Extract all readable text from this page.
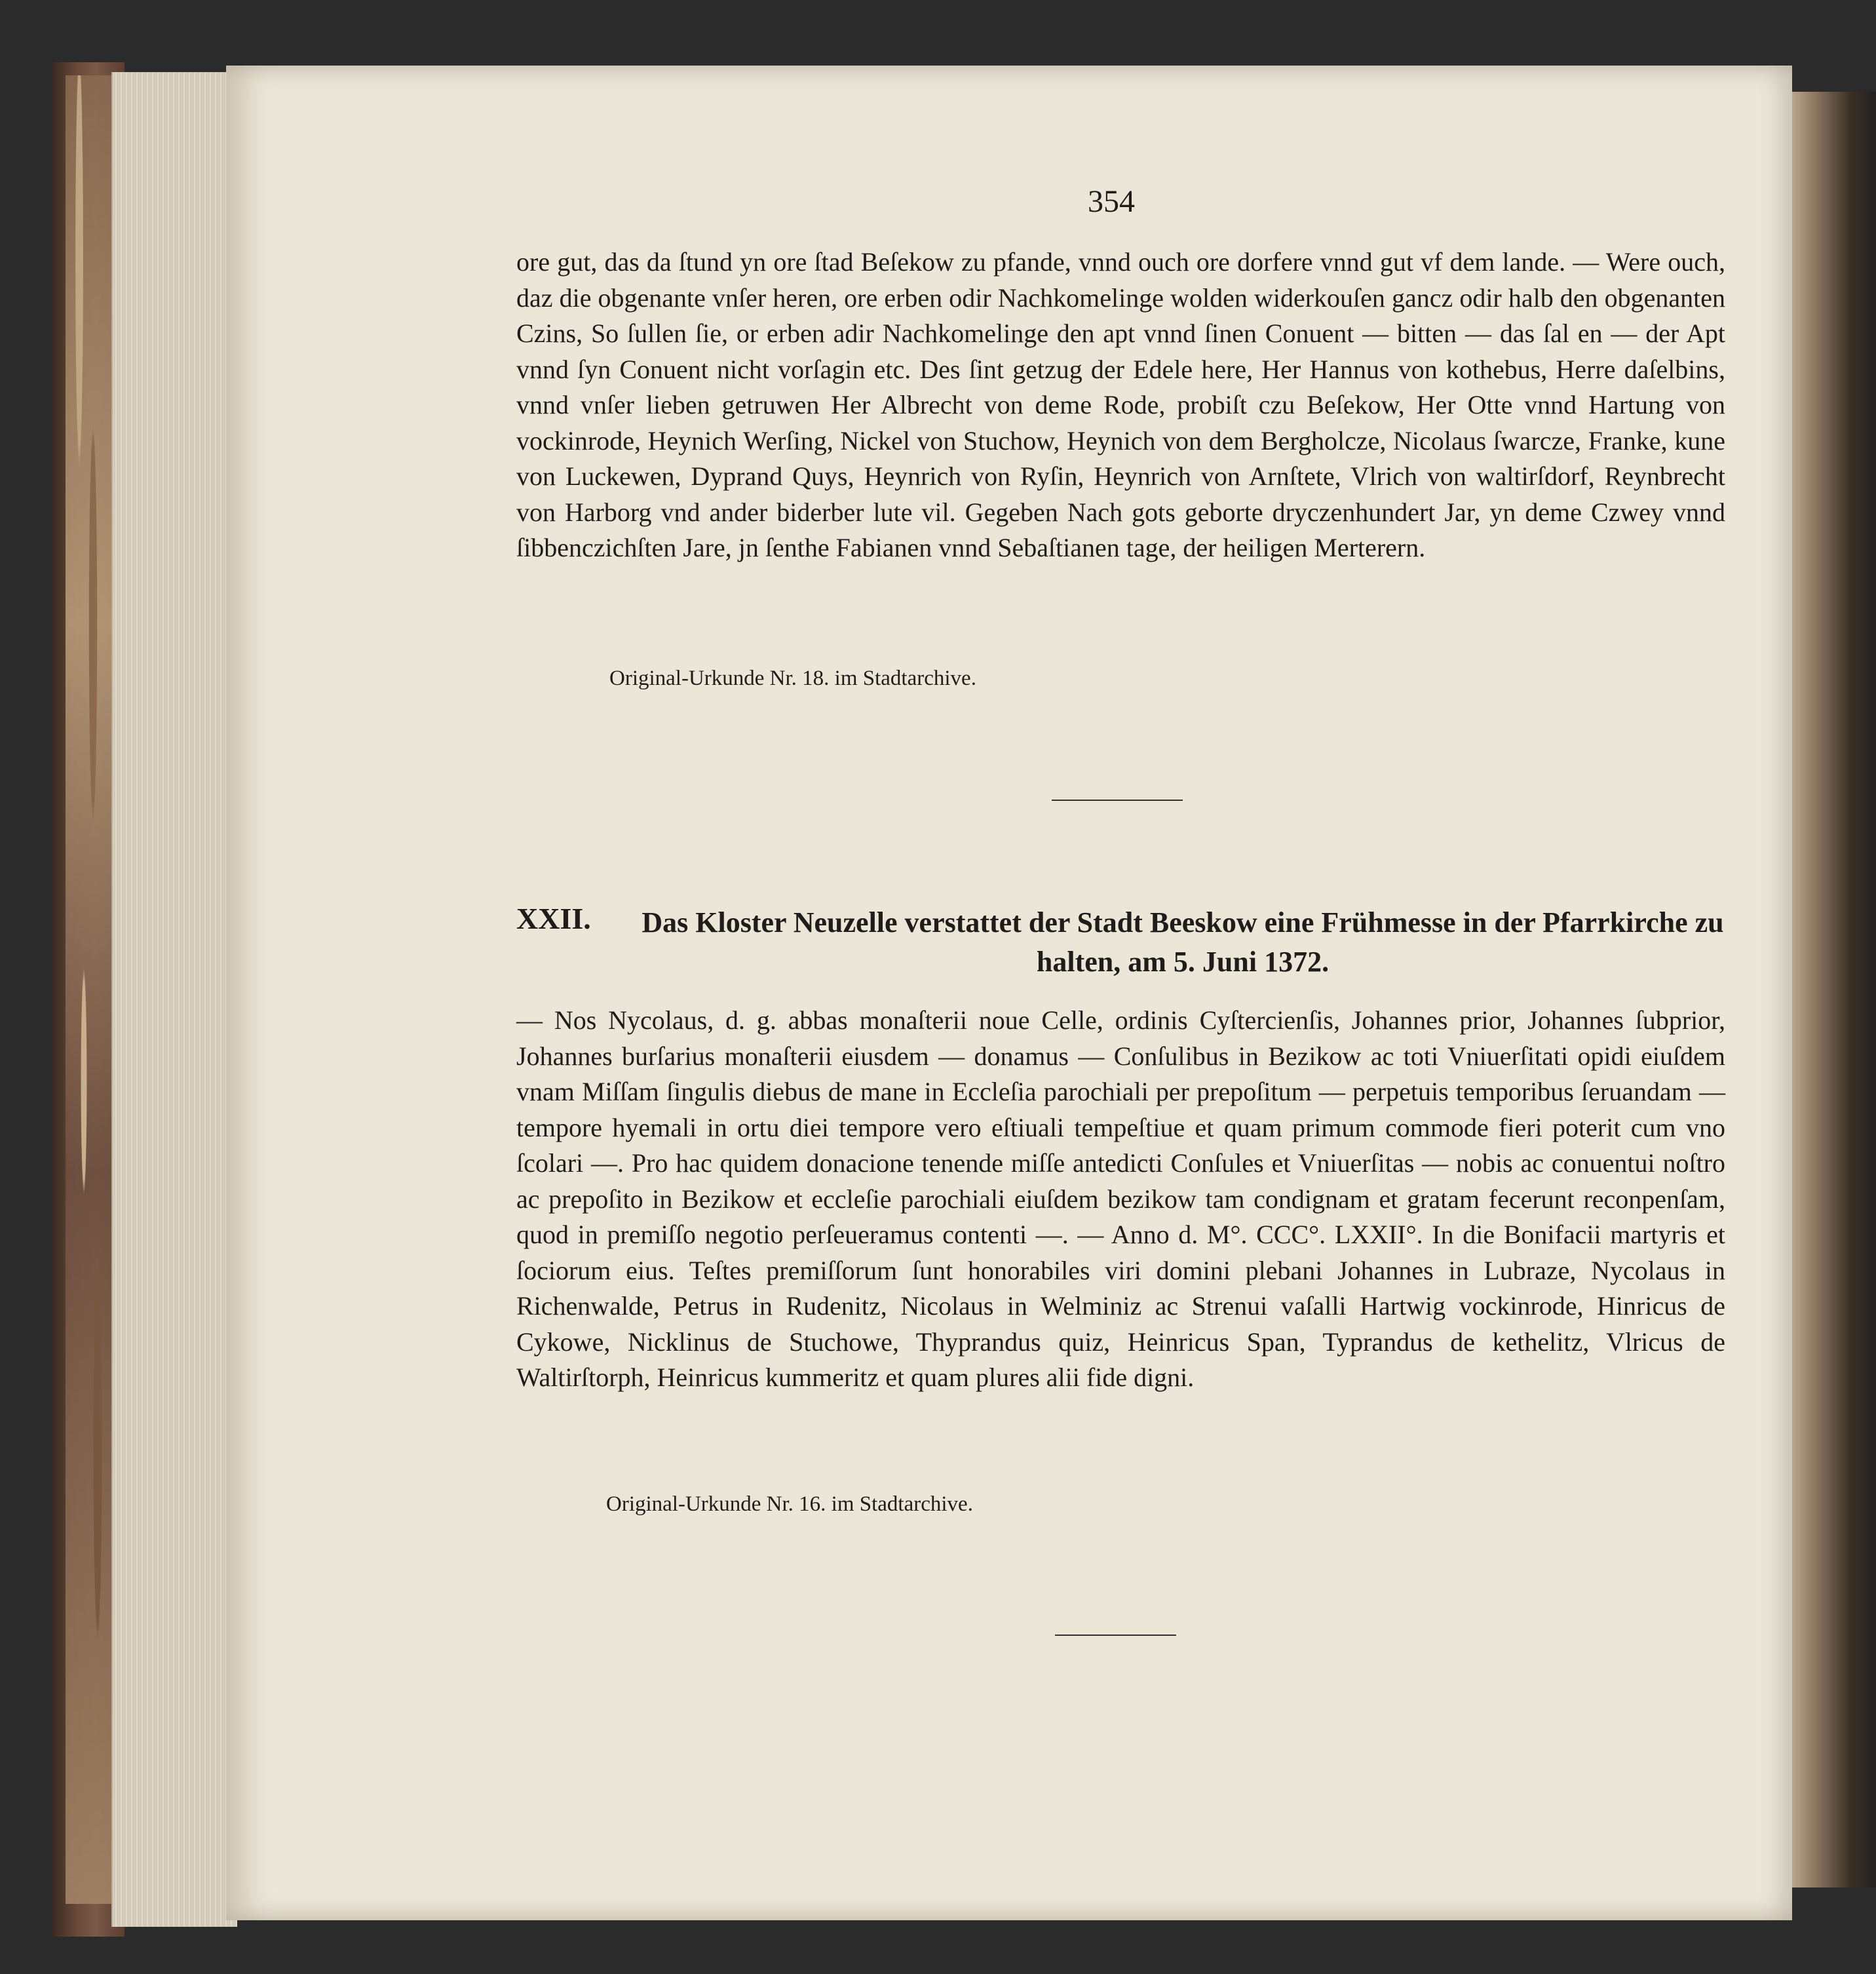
354

ore gut, das da ſtund yn ore ſtad Beſekow zu pfande, vnnd ouch ore dorfere vnnd gut vf dem lande. — Were ouch, daz die obgenante vnſer heren, ore erben odir Nachkomelinge wolden widerkouſen gancz odir halb den obgenanten Czins, So ſullen ſie, or erben adir Nachkomelinge den apt vnnd ſinen Conuent — bitten — das ſal en — der Apt vnnd ſyn Conuent nicht vorſagin etc. Des ſint getzug der Edele here, Her Hannus von kothebus, Herre daſelbins, vnnd vnſer lieben getruwen Her Albrecht von deme Rode, probiſt czu Beſekow, Her Otte vnnd Hartung von vockinrode, Heynich Werſing, Nickel von Stuchow, Heynich von dem Bergholcze, Nicolaus ſwarcze, Franke, kune von Luckewen, Dyprand Quys, Heynrich von Ryſin, Heynrich von Arnſtete, Vlrich von waltirſdorf, Reynbrecht von Harborg vnd ander biderber lute vil. Gegeben Nach gots geborte dryczenhundert Jar, yn deme Czwey vnnd ſibbenczichſten Jare, jn ſenthe Fabianen vnnd Sebaſtianen tage, der heiligen Merterern.

Original-Urkunde Nr. 18. im Stadtarchive.
XXII. Das Kloster Neuzelle verstattet der Stadt Beeskow eine Frühmesse in der Pfarrkirche zu halten, am 5. Juni 1372.

— Nos Nycolaus, d. g. abbas monaſterii noue Celle, ordinis Cyſtercienſis, Johannes prior, Johannes ſubprior, Johannes burſarius monaſterii eiusdem — donamus — Conſulibus in Bezikow ac toti Vniuerſitati opidi eiuſdem vnam Miſſam ſingulis diebus de mane in Eccleſia parochiali per prepoſitum — perpetuis temporibus ſeruandam — tempore hyemali in ortu diei tempore vero eſtiuali tempeſtiue et quam primum commode fieri poterit cum vno ſcolari —. Pro hac quidem donacione tenende miſſe antedicti Conſules et Vniuerſitas — nobis ac conuentui noſtro ac prepoſito in Bezikow et eccleſie parochiali eiuſdem bezikow tam condignam et gratam fecerunt reconpenſam, quod in premiſſo negotio perſeueramus contenti —. — Anno d. M°. CCC°. LXXII°. In die Bonifacii martyris et ſociorum eius. Teſtes premiſſorum ſunt honorabiles viri domini plebani Johannes in Lubraze, Nycolaus in Richenwalde, Petrus in Rudenitz, Nicolaus in Welminiz ac Strenui vaſalli Hartwig vockinrode, Hinricus de Cykowe, Nicklinus de Stuchowe, Thyprandus quiz, Heinricus Span, Typrandus de kethelitz, Vlricus de Waltirſtorph, Heinricus kummeritz et quam plures alii fide digni.

Original-Urkunde Nr. 16. im Stadtarchive.
